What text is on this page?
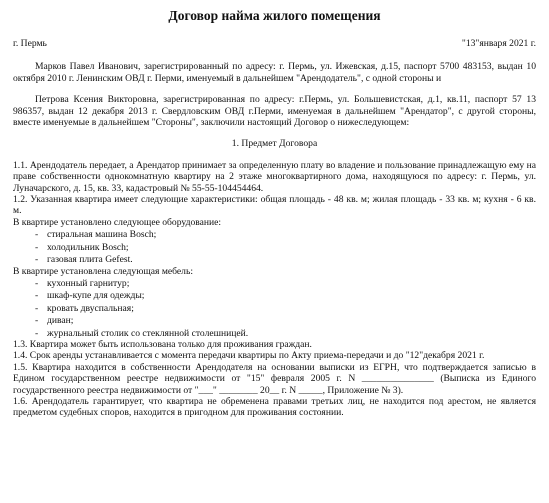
Договор найма жилого помещения
г. Пермь	"13"января 2021 г.

Марков Павел Иванович, зарегистрированный по адресу: г. Пермь, ул. Ижевская, д.15, паспорт 5700 483153, выдан 10 октября 2010 г. Ленинским ОВД г. Перми, именуемый в дальнейшем "Арендодатель", с одной стороны и

Петрова Ксения Викторовна, зарегистрированная по адресу: г.Пермь, ул. Большевистская, д.1, кв.11, паспорт 57 13 986357, выдан 12 декабря 2013 г. Свердловским ОВД г.Перми, именуемая в дальнейшем "Арендатор", с другой стороны, вместе именуемые в дальнейшем "Стороны", заключили настоящий Договор о нижеследующем:

1. Предмет Договора

1.1. Арендодатель передает, а Арендатор принимает за определенную плату во владение и пользование принадлежащую ему на праве собственности однокомнатную квартиру на 2 этаже многоквартирного дома, находящуюся по адресу: г. Пермь, ул. Луначарского, д. 15, кв. 33, кадастровый № 55-55-104454464.

1.2. Указанная квартира имеет следующие характеристики: общая площадь - 48 кв. м; жилая площадь - 33 кв. м; кухня - 6 кв. м.

В квартире установлено следующее оборудование:

- стиральная машина Bosch;
- холодильник Bosch;
- газовая плита Gefest.

В квартире установлена следующая мебель:

- кухонный гарнитур;
- шкаф-купе для одежды;
- кровать двуспальная;
- диван;
- журнальный столик со стеклянной столешницей.

1.3. Квартира может быть использована только для проживания граждан.

1.4. Срок аренды устанавливается с момента передачи квартиры по Акту приема-передачи и до "12"декабря 2021 г.

1.5. Квартира находится в собственности Арендодателя на основании выписки из ЕГРН, что подтверждается записью в Едином государственном реестре недвижимости от "15" февраля 2005 г. N _______________ (Выписка из Единого государственного реестра недвижимости от "___" ________ 20__ г. N _____, Приложение № 3).

1.6. Арендодатель гарантирует, что квартира не обременена правами третьих лиц, не находится под арестом, не является предметом судебных споров, находится в пригодном для проживания состоянии.
